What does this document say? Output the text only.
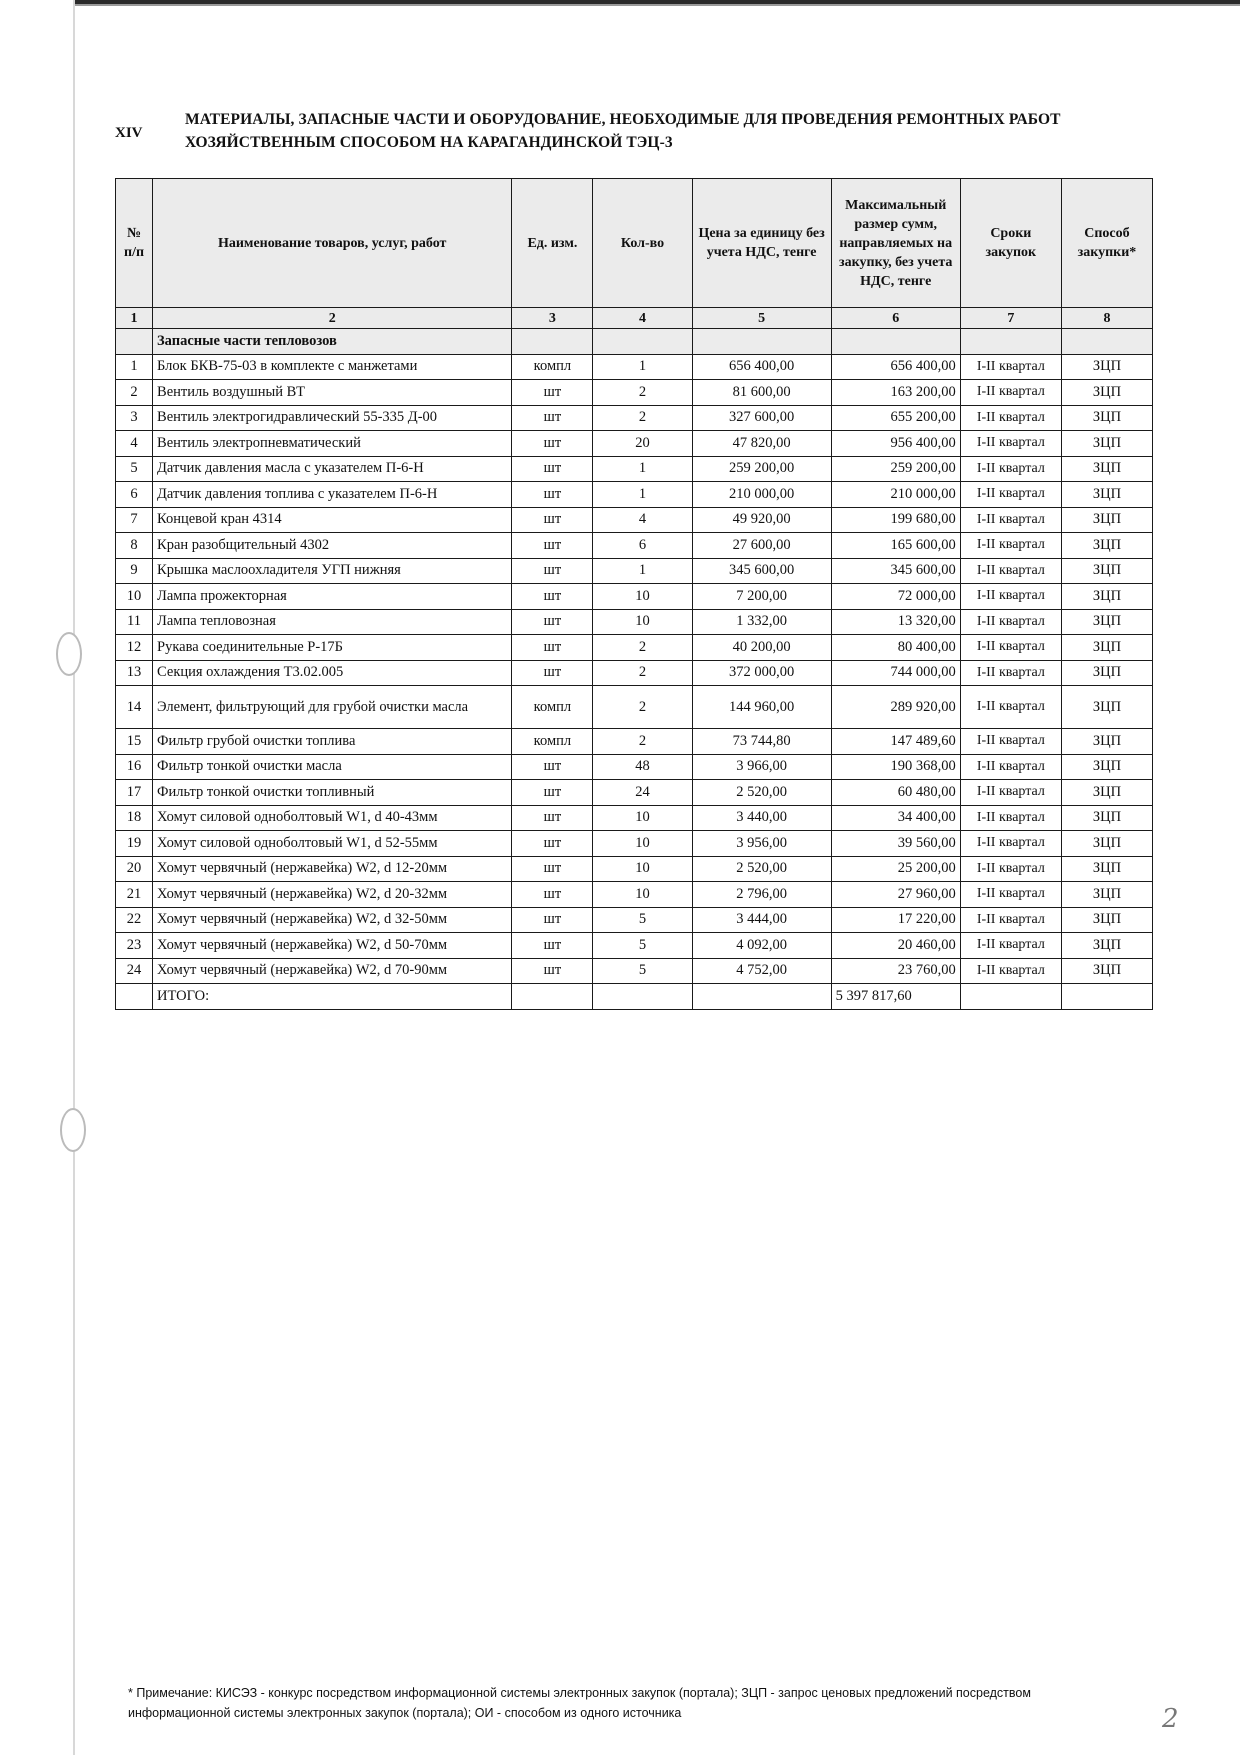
XIV
МАТЕРИАЛЫ, ЗАПАСНЫЕ ЧАСТИ И ОБОРУДОВАНИЕ, НЕОБХОДИМЫЕ ДЛЯ ПРОВЕДЕНИЯ РЕМОНТНЫХ РАБОТ
ХОЗЯЙСТВЕННЫМ СПОСОБОМ НА КАРАГАНДИНСКОЙ ТЭЦ-3
№ п/п	Наименование товаров, услуг, работ	Ед. изм.	Кол-во	Цена за единицу без учета НДС, тенге	Максимальный размер сумм, направляемых на закупку, без учета НДС, тенге	Сроки закупок	Способ закупки*
1	2	3	4	5	6	7	8
	Запасные части тепловозов						
1	Блок БКВ-75-03 в комплекте с манжетами	компл	1	656 400,00	656 400,00	I-II квартал	ЗЦП
2	Вентиль воздушный ВТ	шт	2	81 600,00	163 200,00	I-II квартал	ЗЦП
3	Вентиль электрогидравлический 55-335 Д-00	шт	2	327 600,00	655 200,00	I-II квартал	ЗЦП
4	Вентиль электропневматический	шт	20	47 820,00	956 400,00	I-II квартал	ЗЦП
5	Датчик давления масла с указателем П-6-Н	шт	1	259 200,00	259 200,00	I-II квартал	ЗЦП
6	Датчик давления топлива с указателем П-6-Н	шт	1	210 000,00	210 000,00	I-II квартал	ЗЦП
7	Концевой кран 4314	шт	4	49 920,00	199 680,00	I-II квартал	ЗЦП
8	Кран разобщительный 4302	шт	6	27 600,00	165 600,00	I-II квартал	ЗЦП
9	Крышка маслоохладителя УГП нижняя	шт	1	345 600,00	345 600,00	I-II квартал	ЗЦП
10	Лампа прожекторная	шт	10	7 200,00	72 000,00	I-II квартал	ЗЦП
11	Лампа тепловозная	шт	10	1 332,00	13 320,00	I-II квартал	ЗЦП
12	Рукава соединительные Р-17Б	шт	2	40 200,00	80 400,00	I-II квартал	ЗЦП
13	Секция охлаждения Т3.02.005	шт	2	372 000,00	744 000,00	I-II квартал	ЗЦП
14	Элемент, фильтрующий для грубой очистки масла	компл	2	144 960,00	289 920,00	I-II квартал	ЗЦП
15	Фильтр грубой очистки топлива	компл	2	73 744,80	147 489,60	I-II квартал	ЗЦП
16	Фильтр тонкой очистки масла	шт	48	3 966,00	190 368,00	I-II квартал	ЗЦП
17	Фильтр тонкой очистки топливный	шт	24	2 520,00	60 480,00	I-II квартал	ЗЦП
18	Хомут силовой одноболтовый W1, d 40-43мм	шт	10	3 440,00	34 400,00	I-II квартал	ЗЦП
19	Хомут силовой одноболтовый W1, d 52-55мм	шт	10	3 956,00	39 560,00	I-II квартал	ЗЦП
20	Хомут червячный (нержавейка) W2, d 12-20мм	шт	10	2 520,00	25 200,00	I-II квартал	ЗЦП
21	Хомут червячный (нержавейка) W2, d 20-32мм	шт	10	2 796,00	27 960,00	I-II квартал	ЗЦП
22	Хомут червячный (нержавейка) W2, d 32-50мм	шт	5	3 444,00	17 220,00	I-II квартал	ЗЦП
23	Хомут червячный (нержавейка) W2, d 50-70мм	шт	5	4 092,00	20 460,00	I-II квартал	ЗЦП
24	Хомут червячный (нержавейка) W2, d 70-90мм	шт	5	4 752,00	23 760,00	I-II квартал	ЗЦП
	ИТОГО:				5 397 817,60		
* Примечание: КИСЭЗ - конкурс посредством информационной системы электронных закупок (портала); ЗЦП - запрос ценовых предложений посредством
информационной системы электронных закупок (портала); ОИ - способом из одного источника	2
